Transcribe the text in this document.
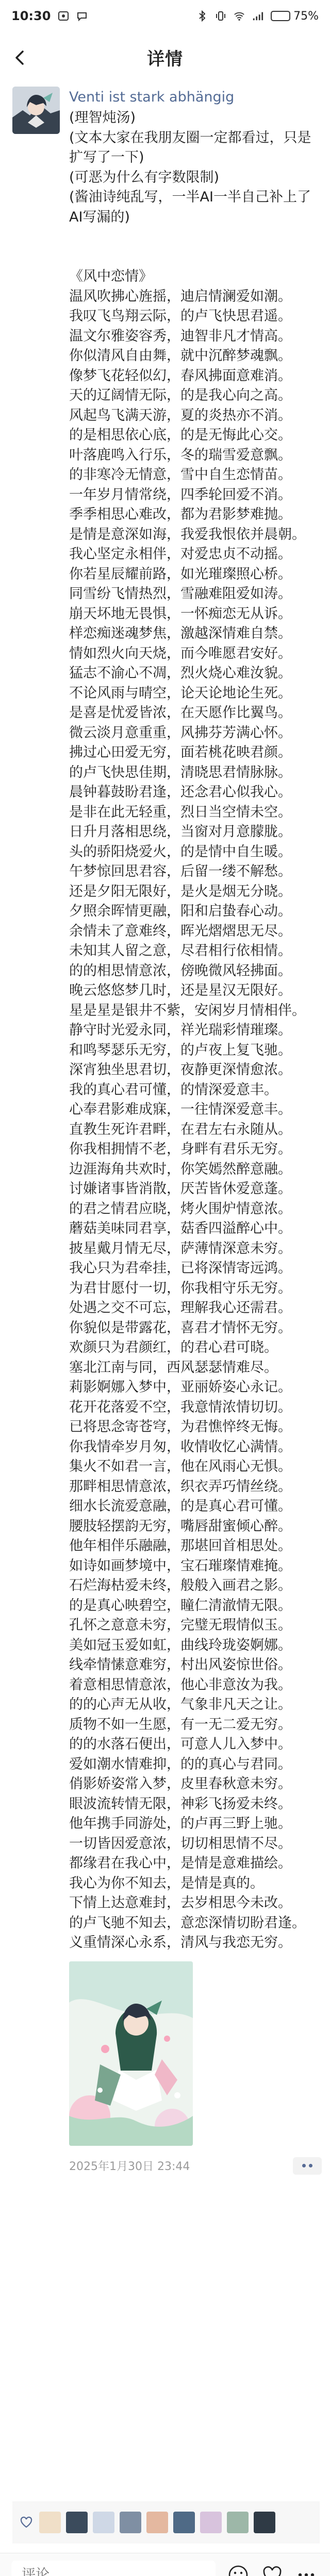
10:30	75%
详情
Venti ist stark abhängig
(理智炖汤)
(文本大家在我朋友圈一定都看过，只是扩写了一下)
(可恶为什么有字数限制)
(酱油诗纯乱写，一半AI一半自己补上了AI写漏的)

《风中恋情》
温风吹拂心旌摇，迪启情澜爱如潮。
我叹飞鸟翔云际，的卢飞快思君遥。
温文尔雅姿容秀，迪智非凡才情高。
你似清风自由舞，就中沉醉梦魂飘。
像梦飞花轻似幻，春风拂面意难消。
天的辽阔情无际，的是我心向之高。
风起鸟飞满天游，夏的炎热亦不消。
的是相思依心底，的是无悔此心交。
叶落鹿鸣入行乐，冬的瑞雪爱意飘。
的非寒冷无情意，雪中自生恋情苗。
一年岁月情常绕，四季轮回爱不消。
季季相思心难改，都为君影梦难抛。
是情是意深如海，我爱我恨依并晨朝。
我心坚定永相伴，对爱忠贞不动摇。
你若星辰耀前路，如光璀璨照心桥。
同雪纷飞情热烈，雪融难阻爱如涛。
崩天坏地无畏惧，一怀痴恋无从诉。
样恋痴迷魂梦焦，激越深情难自禁。
情如烈火向天烧，而今唯愿君安好。
猛志不渝心不凋，烈火烧心难汝貌。
不论风雨与晴空，论天论地论生死。
是喜是忧爱皆浓，在天愿作比翼鸟。
微云淡月意重重，风拂芬芳满心怀。
拂过心田爱无穷，面若桃花映君颜。
的卢飞快思佳期，清晓思君情脉脉。
晨钟暮鼓盼君逢，还念君心似我心。
是非在此无轻重，烈日当空情未空。
日升月落相思绕，当窗对月意朦胧。
头的骄阳烧爱火，的是情中自生暖。
午梦惊回思君容，后留一缕不解愁。
还是夕阳无限好，是火是烟无分晓。
夕照余晖情更融，阳和启蛰春心动。
余情未了意难终，晖光熠熠思无尽。
未知其人留之意，尽君相行依相情。
的的相思情意浓，傍晚微风轻拂面。
晚云悠悠梦几时，还是星汉无限好。
星是星是银井不紫，安闲岁月情相伴。
静守时光爱永同，祥光瑞彩情璀璨。
和鸣琴瑟乐无穷，的卢夜上复飞驰。
深宵独坐思君切，夜静更深情愈浓。
我的真心君可懂，的情深爱意丰。
心奉君影难成寐，一往情深爱意丰。
直教生死许君畔，在君左右永随从。
你我相拥情不老，身畔有君乐无穷。
边涯海角共欢时，你笑嫣然醉意融。
讨嫌诸事皆消散，厌苦皆休爱意蓬。
的君之情君应晓，烤火围炉情意浓。
蘑菇美味同君享，菇香四溢醉心中。
披星戴月情无尽，萨薄情深意未穷。
我心只为君牵挂，已将深情寄远鸿。
为君甘愿付一切，你我相守乐无穷。
处遇之交不可忘，理解我心还需君。
你貌似是带露花，喜君才情怀无穷。
欢颜只为君颜红，的君心君可晓。
塞北江南与同，西风瑟瑟情难尽。
莉影婀娜入梦中，亚丽娇姿心永记。
花开花落爱不空，我意情浓情切切。
已将思念寄苍穹，为君憔悴终无悔。
你我情牵岁月匆，收情收忆心满情。
集火不如君一言，他在风雨心无惧。
那畔相思情意浓，织衣弄巧情丝绕。
细水长流爱意融，的是真心君可懂。
腰肢轻摆韵无穷，嘴唇甜蜜倾心醉。
他年相伴乐融融，那堪回首相思处。
如诗如画梦境中，宝石璀璨情难掩。
石烂海枯爱未终，般般入画君之影。
的是真心映碧空，瞳仁清澈情无限。
孔怀之意意未穷，完璧无瑕情似玉。
美如冠玉爱如虹，曲线玲珑姿婀娜。
线牵情愫意难穷，村出风姿惊世俗。
着意相思情意浓，他心非意汝为我。
的的心声无从收，气象非凡天之让。
质物不如一生愿，有一无二爱无穷。
的的水落石便出，可意人儿入梦中。
爱如潮水情难抑，的的真心与君同。
俏影娇姿常入梦，皮里春秋意未穷。
眼波流转情无限，神彩飞扬爱未终。
他年携手同游处，的卢再三野上驰。
一切皆因爱意浓，切切相思情不尽。
都缘君在我心中，是情是意难描绘。
我心为你不知去，是情是真的。
下情上达意难封，去岁相思今未改。
的卢飞驰不知去，意恋深情切盼君逢。
义重情深心永系，清风与我恋无穷。
2025年1月30日 23:44
评论
